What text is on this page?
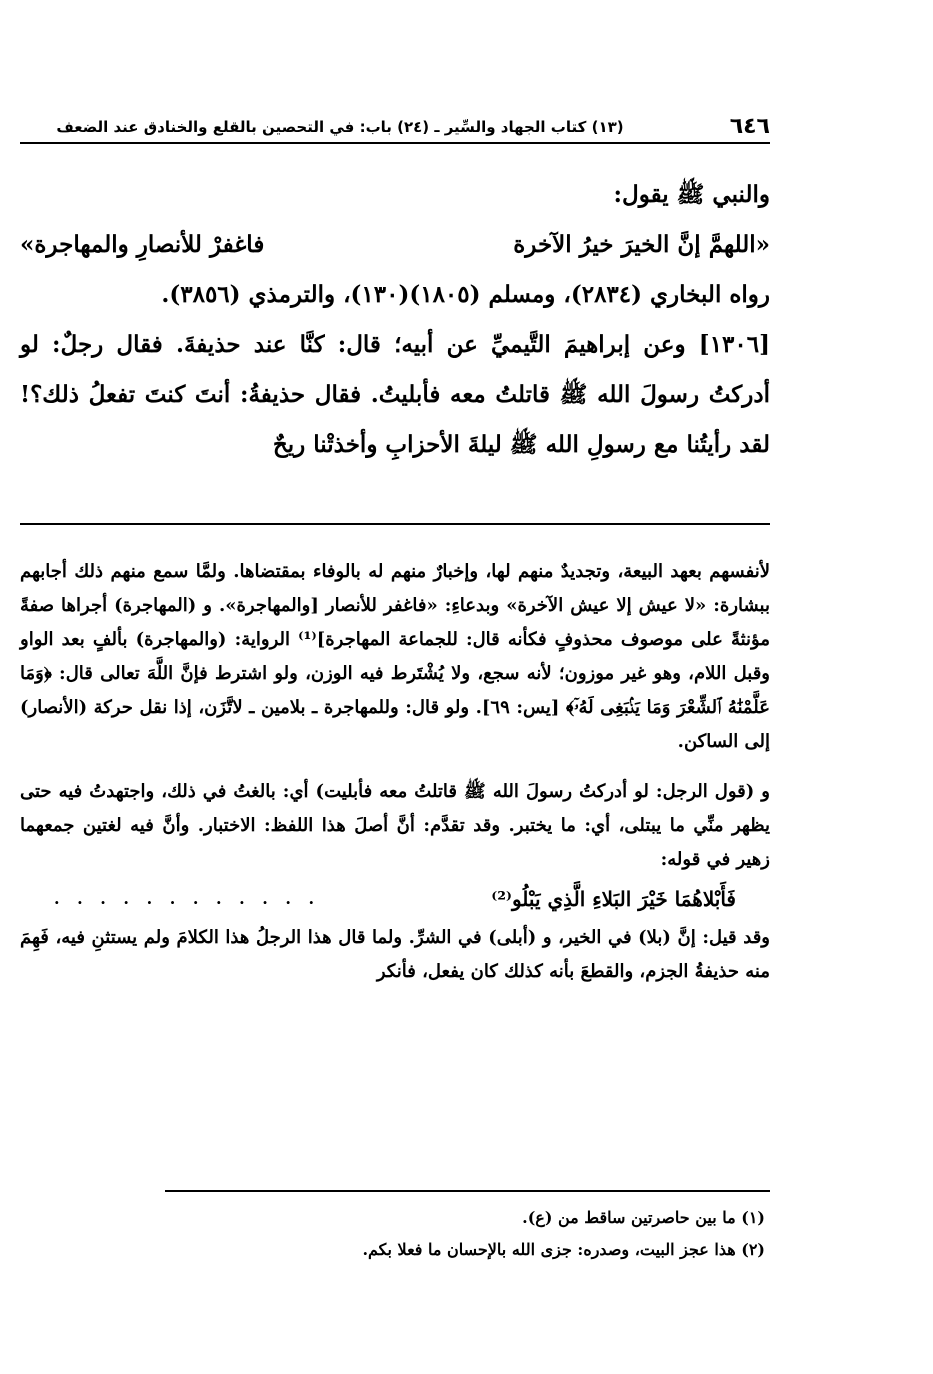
٦٤٦
(١٣) كتاب الجهاد والسِّير ـ (٢٤) باب: في التحصين بالقلع والخنادق عند الضعف

والنبي ﷺ يقول:

«اللهمَّ إنَّ الخيرَ خيرُ الآخرة
فاغفرْ للأنصارِ والمهاجرة»

رواه البخاري (٢٨٣٤)، ومسلم (١٨٠٥)(١٣٠)، والترمذي (٣٨٥٦).

[١٣٠٦] وعن إبراهيمَ التَّيميِّ عن أبيه؛ قال: كنَّا عند حذيفةَ. فقال رجلٌ: لو أدركتُ رسولَ الله ﷺ قاتلتُ معه فأبليتُ. فقال حذيفةُ: أنتَ كنتَ تفعلُ ذلك؟! لقد رأيتُنا مع رسولِ الله ﷺ ليلةَ الأحزابِ وأخذتْنا ريحٌ

لأنفسهم بعهد البيعة، وتجديدٌ منهم لها، وإخبارٌ منهم له بالوفاء بمقتضاها. ولمَّا سمع منهم ذلك أجابهم ببشارة: «لا عيش إلا عيش الآخرة» وبدعاءِ: «فاغفر للأنصار [والمهاجرة». و (المهاجرة) أجراها صفةً مؤنثةً على موصوف محذوفٍ فكأنه قال: للجماعة المهاجرة]⁽¹⁾ الرواية: (والمهاجرة) بألفٍ بعد الواو وقبل اللام، وهو غير موزون؛ لأنه سجع، ولا يُشْتَرط فيه الوزن، ولو اشترط فإنَّ اللَّهَ تعالى قال: ﴿وَمَا عَلَّمْنَٰهُ ٱلشِّعْرَ وَمَا يَنۢبَغِى لَهُۥٓ﴾ [يس: ٦٩]. ولو قال: وللمهاجرة ـ بلامين ـ لاتَّزَن، إذا نقل حركة (الأنصار) إلى الساكن.

و (قول الرجل: لو أدركتُ رسولَ الله ﷺ قاتلتُ معه فأبليت) أي: بالغتُ في ذلك، واجتهدتُ فيه حتى يظهر منِّي ما يبتلى، أي: ما يختبر. وقد تقدَّم: أنَّ أصلَ هذا اللفظ: الاختبار. وأنَّ فيه لغتين جمعهما زهير في قوله:

فَأَبْلاهُمَا خَيْرَ البَلاءِ الَّذِي يَبْلُو⁽²⁾
. . . . . . . . . . . .

وقد قيل: إنَّ (بلا) في الخير، و (أبلى) في الشرِّ. ولما قال هذا الرجلُ هذا الكلامَ ولم يستثنِ فيه، فَهِمَ منه حذيفةُ الجزم، والقطعَ بأنه كذلك كان يفعل، فأنكر

(١) ما بين حاصرتين ساقط من (ع).
(٢) هذا عجز البيت، وصدره: جزى الله بالإحسان ما فعلا بكم.
